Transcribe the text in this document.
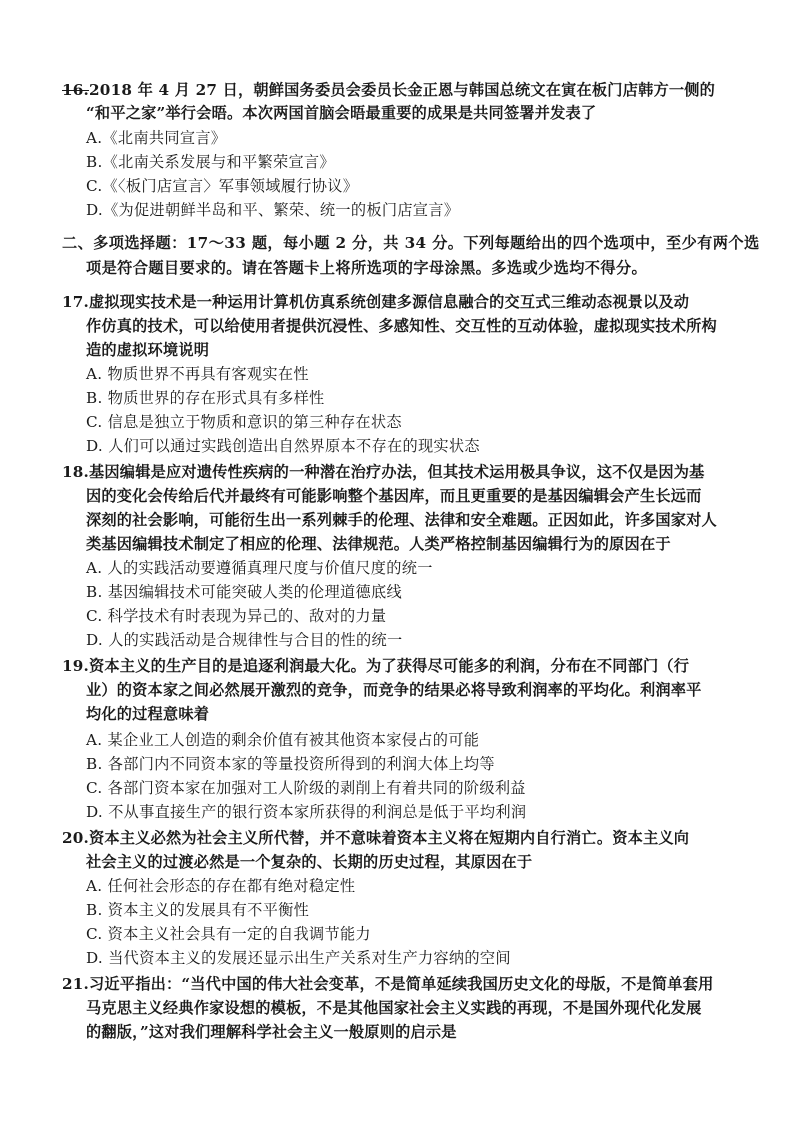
16.2018 年 4 月 27 日，朝鲜国务委员会委员长金正恩与韩国总统文在寅在板门店韩方一侧的
“和平之家”举行会晤。本次两国首脑会晤最重要的成果是共同签署并发表了
A.《北南共同宣言》
B.《北南关系发展与和平繁荣宣言》
C.《〈板门店宣言〉军事领域履行协议》
D.《为促进朝鲜半岛和平、繁荣、统一的板门店宣言》
二、多项选择题：17～33 题，每小题 2 分，共 34 分。下列每题给出的四个选项中，至少有两个选
项是符合题目要求的。请在答题卡上将所选项的字母涂黑。多选或少选均不得分。
17.虚拟现实技术是一种运用计算机仿真系统创建多源信息融合的交互式三维动态视景以及动
作仿真的技术，可以给使用者提供沉浸性、多感知性、交互性的互动体验，虚拟现实技术所构
造的虚拟环境说明
A. 物质世界不再具有客观实在性
B. 物质世界的存在形式具有多样性
C. 信息是独立于物质和意识的第三种存在状态
D. 人们可以通过实践创造出自然界原本不存在的现实状态
18.基因编辑是应对遗传性疾病的一种潜在治疗办法，但其技术运用极具争议，这不仅是因为基
因的变化会传给后代并最终有可能影响整个基因库，而且更重要的是基因编辑会产生长远而
深刻的社会影响，可能衍生出一系列棘手的伦理、法律和安全难题。正因如此，许多国家对人
类基因编辑技术制定了相应的伦理、法律规范。人类严格控制基因编辑行为的原因在于
A. 人的实践活动要遵循真理尺度与价值尺度的统一
B. 基因编辑技术可能突破人类的伦理道德底线
C. 科学技术有时表现为异己的、敌对的力量
D. 人的实践活动是合规律性与合目的性的统一
19.资本主义的生产目的是追逐利润最大化。为了获得尽可能多的利润，分布在不同部门（行
业）的资本家之间必然展开激烈的竞争，而竞争的结果必将导致利润率的平均化。利润率平
均化的过程意味着
A. 某企业工人创造的剩余价值有被其他资本家侵占的可能
B. 各部门内不同资本家的等量投资所得到的利润大体上均等
C. 各部门资本家在加强对工人阶级的剥削上有着共同的阶级利益
D. 不从事直接生产的银行资本家所获得的利润总是低于平均利润
20.资本主义必然为社会主义所代替，并不意味着资本主义将在短期内自行消亡。资本主义向
社会主义的过渡必然是一个复杂的、长期的历史过程，其原因在于
A. 任何社会形态的存在都有绝对稳定性
B. 资本主义的发展具有不平衡性
C. 资本主义社会具有一定的自我调节能力
D. 当代资本主义的发展还显示出生产关系对生产力容纳的空间
21.习近平指出：“当代中国的伟大社会变革，不是简单延续我国历史文化的母版，不是简单套用
马克思主义经典作家设想的模板，不是其他国家社会主义实践的再现，不是国外现代化发展
的翻版，”这对我们理解科学社会主义一般原则的启示是
